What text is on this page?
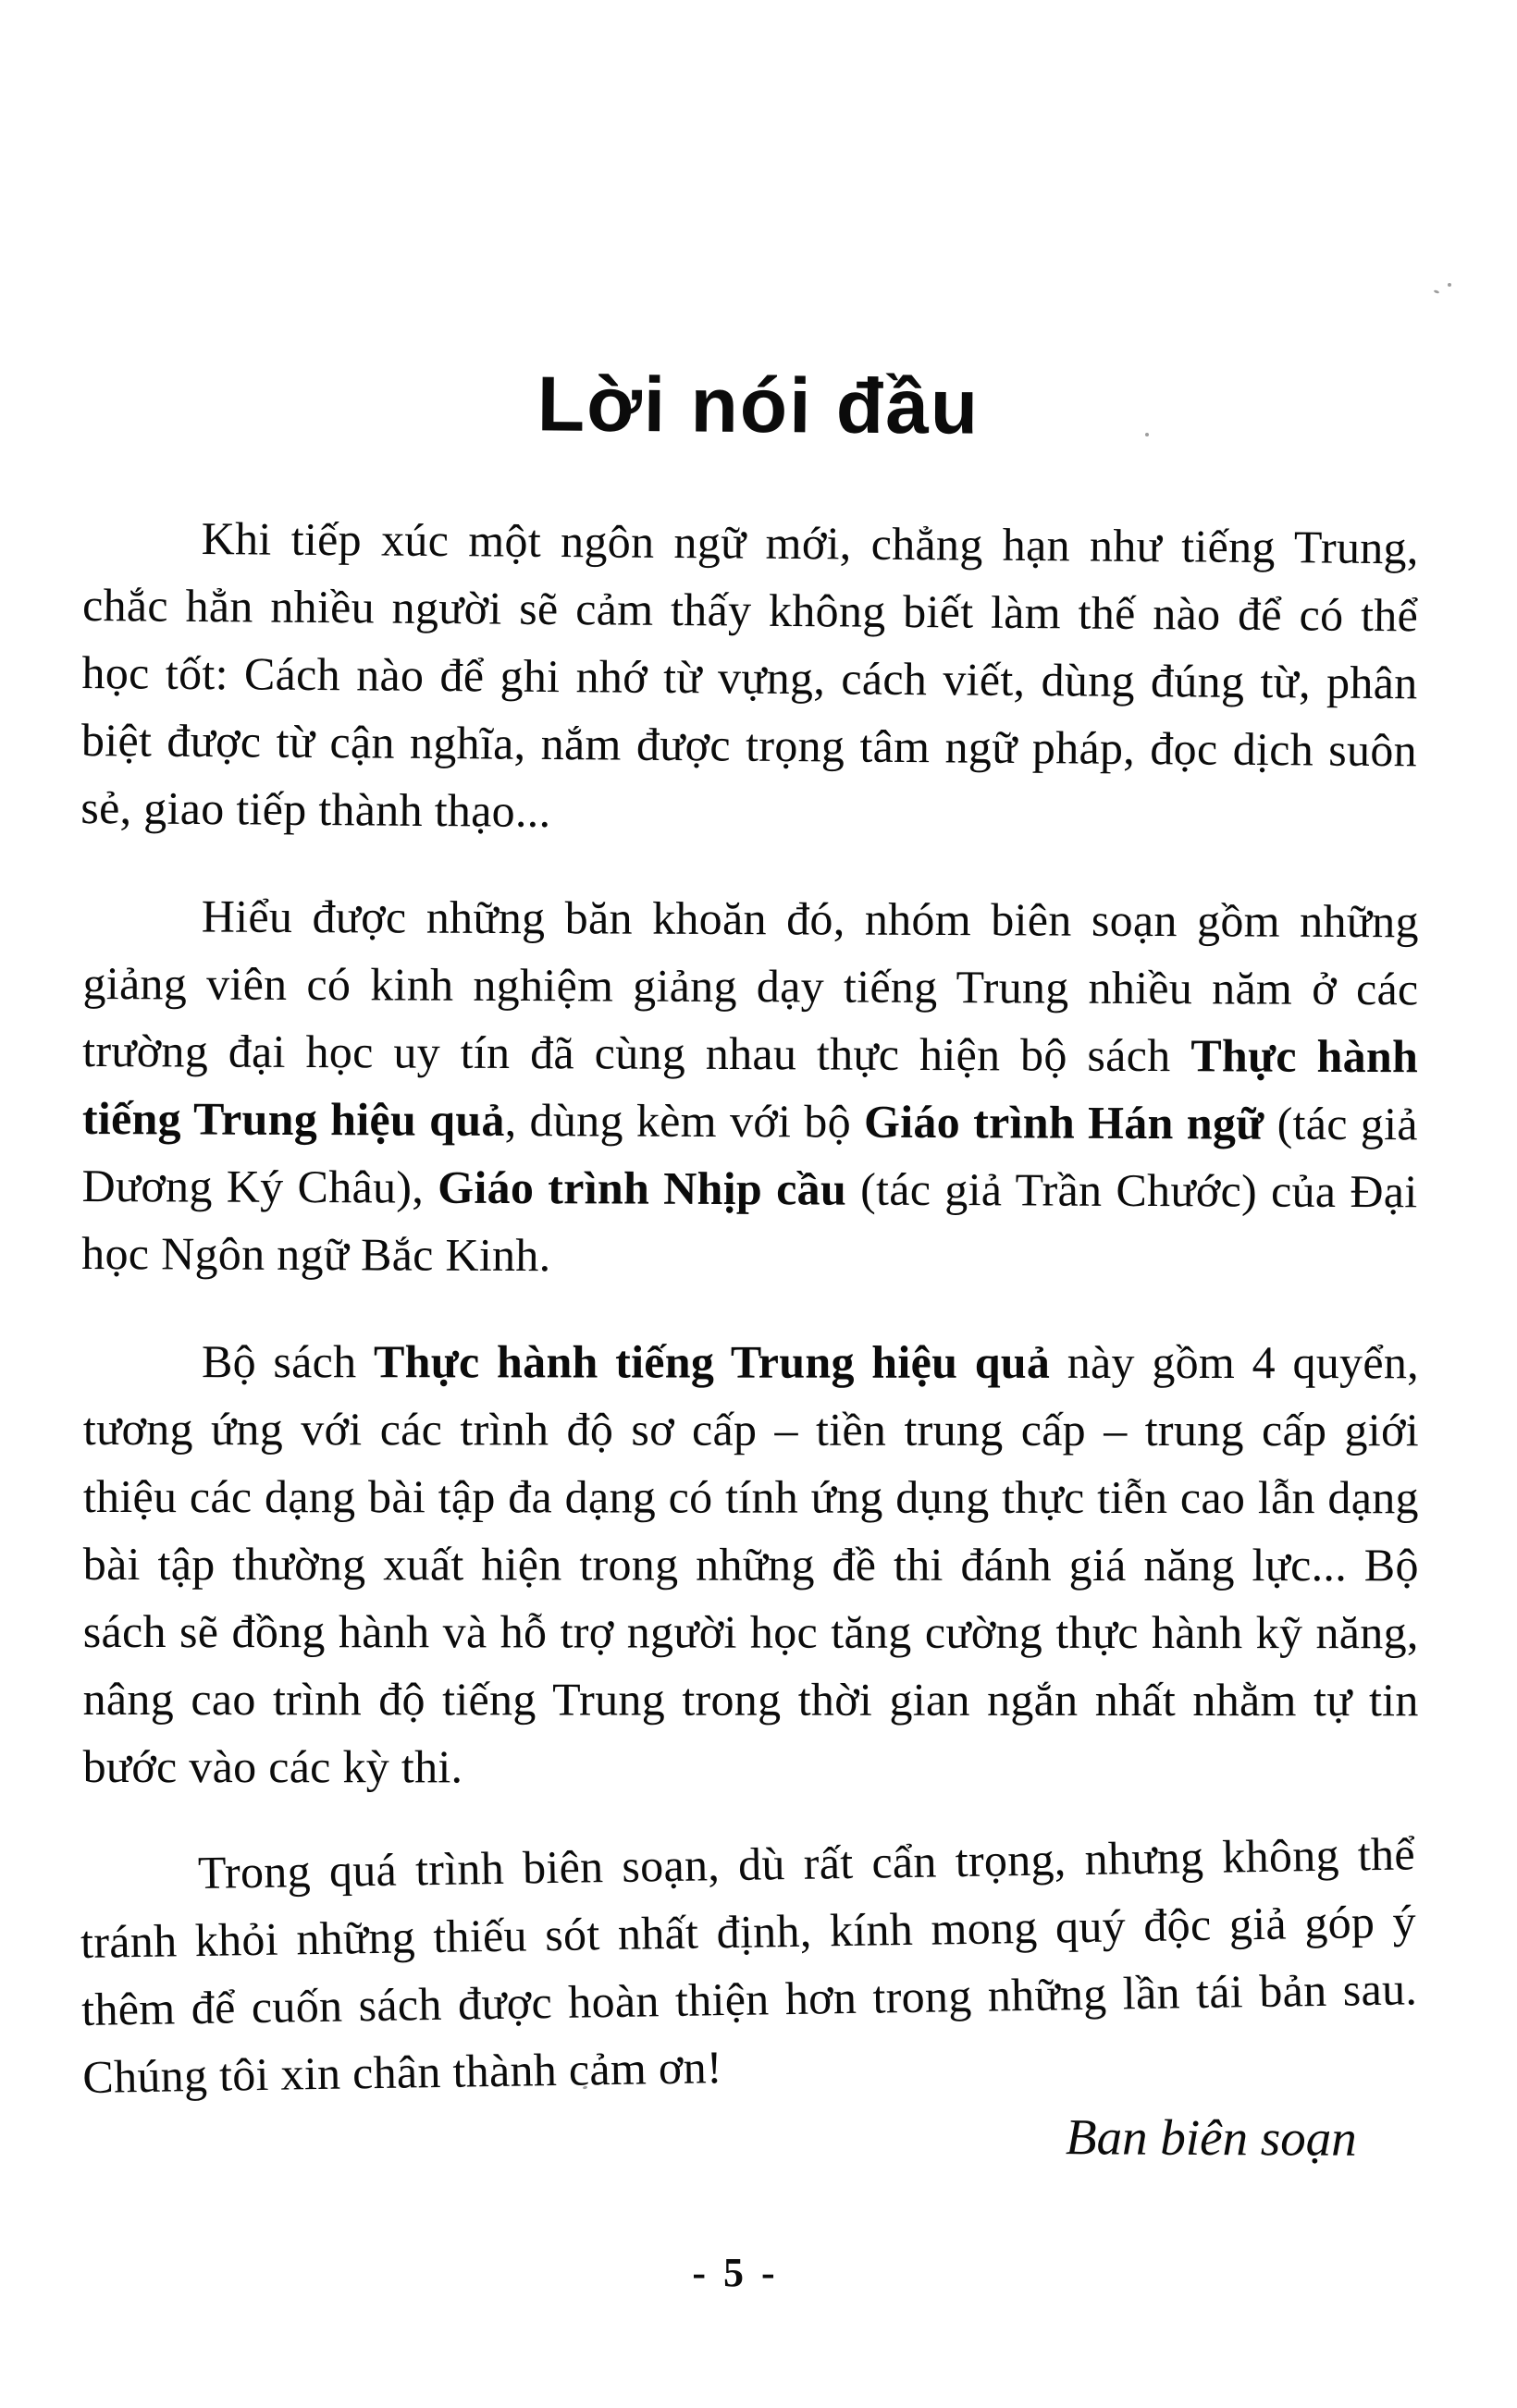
Lời nói đầu

Khi tiếp xúc một ngôn ngữ mới, chẳng hạn như tiếng Trung, chắc hẳn nhiều người sẽ cảm thấy không biết làm thế nào để có thể học tốt: Cách nào để ghi nhớ từ vựng, cách viết, dùng đúng từ, phân biệt được từ cận nghĩa, nắm được trọng tâm ngữ pháp, đọc dịch suôn sẻ, giao tiếp thành thạo...

Hiểu được những băn khoăn đó, nhóm biên soạn gồm những giảng viên có kinh nghiệm giảng dạy tiếng Trung nhiều năm ở các trường đại học uy tín đã cùng nhau thực hiện bộ sách Thực hành tiếng Trung hiệu quả, dùng kèm với bộ Giáo trình Hán ngữ (tác giả Dương Ký Châu), Giáo trình Nhịp cầu (tác giả Trần Chước) của Đại học Ngôn ngữ Bắc Kinh.

Bộ sách Thực hành tiếng Trung hiệu quả này gồm 4 quyển, tương ứng với các trình độ sơ cấp – tiền trung cấp – trung cấp giới thiệu các dạng bài tập đa dạng có tính ứng dụng thực tiễn cao lẫn dạng bài tập thường xuất hiện trong những đề thi đánh giá năng lực... Bộ sách sẽ đồng hành và hỗ trợ người học tăng cường thực hành kỹ năng, nâng cao trình độ tiếng Trung trong thời gian ngắn nhất nhằm tự tin bước vào các kỳ thi.

Trong quá trình biên soạn, dù rất cẩn trọng, nhưng không thể tránh khỏi những thiếu sót nhất định, kính mong quý độc giả góp ý thêm để cuốn sách được hoàn thiện hơn trong những lần tái bản sau. Chúng tôi xin chân thành cảm ơn!

Ban biên soạn
- 5 -
